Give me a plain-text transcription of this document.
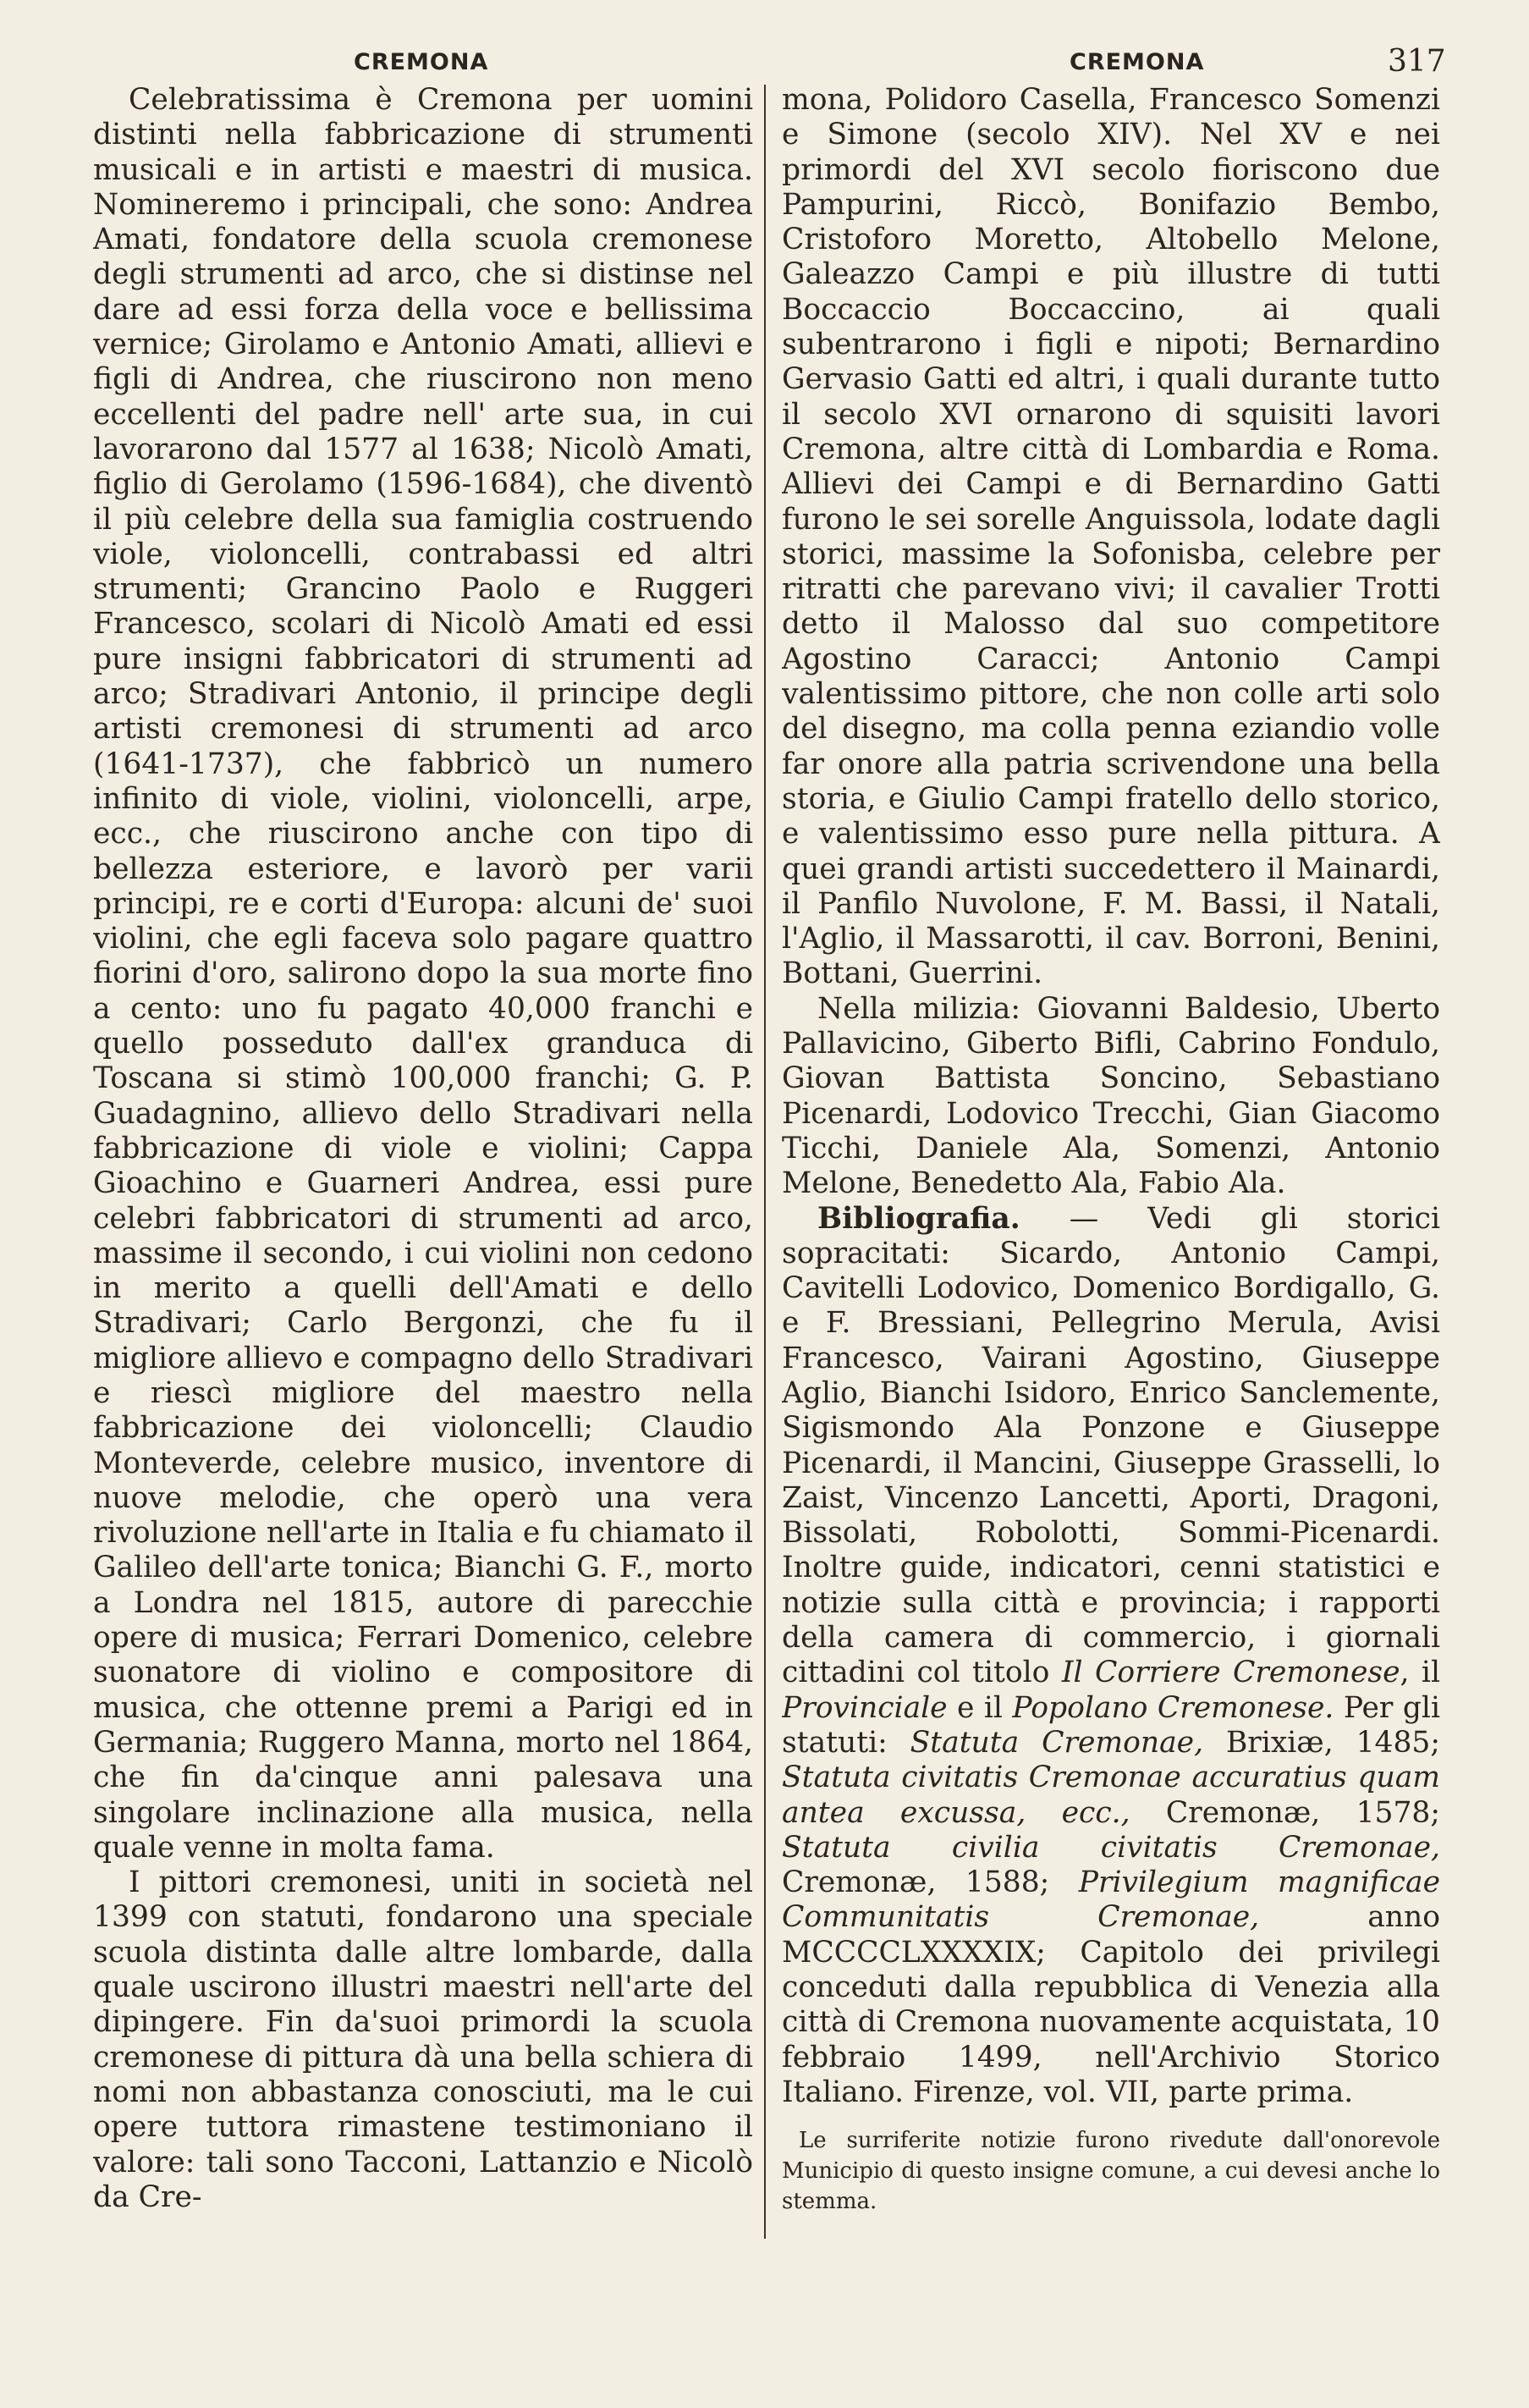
CREMONA	CREMONA	317

Celebratissima è Cremona per uomini distinti nella fabbricazione di strumenti musicali e in artisti e maestri di musica. Nomineremo i principali, che sono: Andrea Amati, fondatore della scuola cremonese degli strumenti ad arco, che si distinse nel dare ad essi forza della voce e bellissima vernice; Girolamo e Antonio Amati, allievi e figli di Andrea, che riuscirono non meno eccellenti del padre nell' arte sua, in cui lavorarono dal 1577 al 1638; Nicolò Amati, figlio di Gerolamo (1596-1684), che diventò il più celebre della sua famiglia costruendo viole, violoncelli, contrabassi ed altri strumenti; Grancino Paolo e Ruggeri Francesco, scolari di Nicolò Amati ed essi pure insigni fabbricatori di strumenti ad arco; Stradivari Antonio, il principe degli artisti cremonesi di strumenti ad arco (1641-1737), che fabbricò un numero infinito di viole, violini, violoncelli, arpe, ecc., che riuscirono anche con tipo di bellezza esteriore, e lavorò per varii principi, re e corti d'Europa: alcuni de' suoi violini, che egli faceva solo pagare quattro fiorini d'oro, salirono dopo la sua morte fino a cento: uno fu pagato 40,000 franchi e quello posseduto dall'ex granduca di Toscana si stimò 100,000 franchi; G. P. Guadagnino, allievo dello Stradivari nella fabbricazione di viole e violini; Cappa Gioachino e Guarneri Andrea, essi pure celebri fabbricatori di strumenti ad arco, massime il secondo, i cui violini non cedono in merito a quelli dell'Amati e dello Stradivari; Carlo Bergonzi, che fu il migliore allievo e compagno dello Stradivari e riescì migliore del maestro nella fabbricazione dei violoncelli; Claudio Monteverde, celebre musico, inventore di nuove melodie, che operò una vera rivoluzione nell'arte in Italia e fu chiamato il Galileo dell'arte tonica; Bianchi G. F., morto a Londra nel 1815, autore di parecchie opere di musica; Ferrari Domenico, celebre suonatore di violino e compositore di musica, che ottenne premi a Parigi ed in Germania; Ruggero Manna, morto nel 1864, che fin da'cinque anni palesava una singolare inclinazione alla musica, nella quale venne in molta fama.

I pittori cremonesi, uniti in società nel 1399 con statuti, fondarono una speciale scuola distinta dalle altre lombarde, dalla quale uscirono illustri maestri nell'arte del dipingere. Fin da'suoi primordi la scuola cremonese di pittura dà una bella schiera di nomi non abbastanza conosciuti, ma le cui opere tuttora rimastene testimoniano il valore: tali sono Tacconi, Lattanzio e Nicolò da Cre-

mona, Polidoro Casella, Francesco Somenzi e Simone (secolo XIV). Nel XV e nei primordi del XVI secolo fioriscono due Pampurini, Riccò, Bonifazio Bembo, Cristoforo Moretto, Altobello Melone, Galeazzo Campi e più illustre di tutti Boccaccio Boccaccino, ai quali subentrarono i figli e nipoti; Bernardino Gervasio Gatti ed altri, i quali durante tutto il secolo XVI ornarono di squisiti lavori Cremona, altre città di Lombardia e Roma. Allievi dei Campi e di Bernardino Gatti furono le sei sorelle Anguissola, lodate dagli storici, massime la Sofonisba, celebre per ritratti che parevano vivi; il cavalier Trotti detto il Malosso dal suo competitore Agostino Caracci; Antonio Campi valentissimo pittore, che non colle arti solo del disegno, ma colla penna eziandio volle far onore alla patria scrivendone una bella storia, e Giulio Campi fratello dello storico, e valentissimo esso pure nella pittura. A quei grandi artisti succedettero il Mainardi, il Panfilo Nuvolone, F. M. Bassi, il Natali, l'Aglio, il Massarotti, il cav. Borroni, Benini, Bottani, Guerrini.

Nella milizia: Giovanni Baldesio, Uberto Pallavicino, Giberto Bifli, Cabrino Fondulo, Giovan Battista Soncino, Sebastiano Picenardi, Lodovico Trecchi, Gian Giacomo Ticchi, Daniele Ala, Somenzi, Antonio Melone, Benedetto Ala, Fabio Ala.

Bibliografia. — Vedi gli storici sopracitati: Sicardo, Antonio Campi, Cavitelli Lodovico, Domenico Bordigallo, G. e F. Bressiani, Pellegrino Merula, Avisi Francesco, Vairani Agostino, Giuseppe Aglio, Bianchi Isidoro, Enrico Sanclemente, Sigismondo Ala Ponzone e Giuseppe Picenardi, il Mancini, Giuseppe Grasselli, lo Zaist, Vincenzo Lancetti, Aporti, Dragoni, Bissolati, Robolotti, Sommi-Picenardi. Inoltre guide, indicatori, cenni statistici e notizie sulla città e provincia; i rapporti della camera di commercio, i giornali cittadini col titolo Il Corriere Cremonese, il Provinciale e il Popolano Cremonese. Per gli statuti: Statuta Cremonae, Brixiæ, 1485; Statuta civitatis Cremonae accuratius quam antea excussa, ecc., Cremonæ, 1578; Statuta civilia civitatis Cremonae, Cremonæ, 1588; Privilegium magnificae Communitatis Cremonae, anno MCCCCLXXXXIX; Capitolo dei privilegi conceduti dalla repubblica di Venezia alla città di Cremona nuovamente acquistata, 10 febbraio 1499, nell'Archivio Storico Italiano. Firenze, vol. VII, parte prima.

Le surriferite notizie furono rivedute dall'onorevole Municipio di questo insigne comune, a cui devesi anche lo stemma.
